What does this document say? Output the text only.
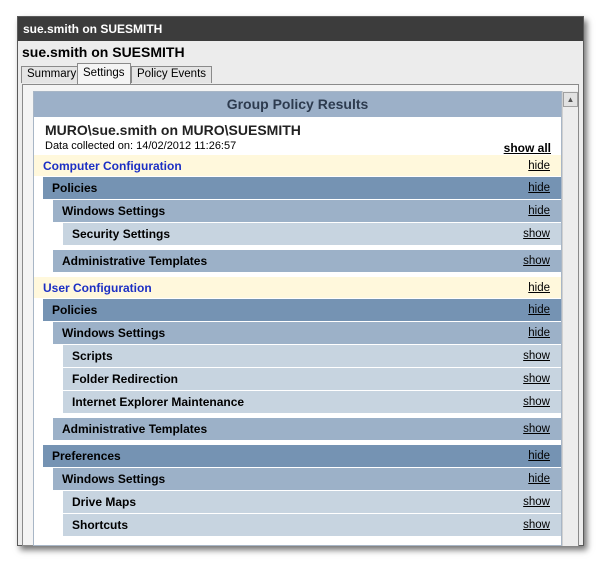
sue.smith on SUESMITH
sue.smith on SUESMITH
Summary Settings	Policy Events
Group Policy Results
MURO\sue.smith on MURO\SUESMITH
Data collected on: 14/02/2012 11:26:57	show all
Computer Configuration	hide
Policies	hide
Windows Settings	hide
Security Settings	show
Administrative Templates	show
User Configuration	hide
Policies	hide
Windows Settings	hide
Scripts	show
Folder Redirection	show
Internet Explorer Maintenance	show
Administrative Templates	show
Preferences	hide
Windows Settings	hide
Drive Maps	show
Shortcuts	show
▲
